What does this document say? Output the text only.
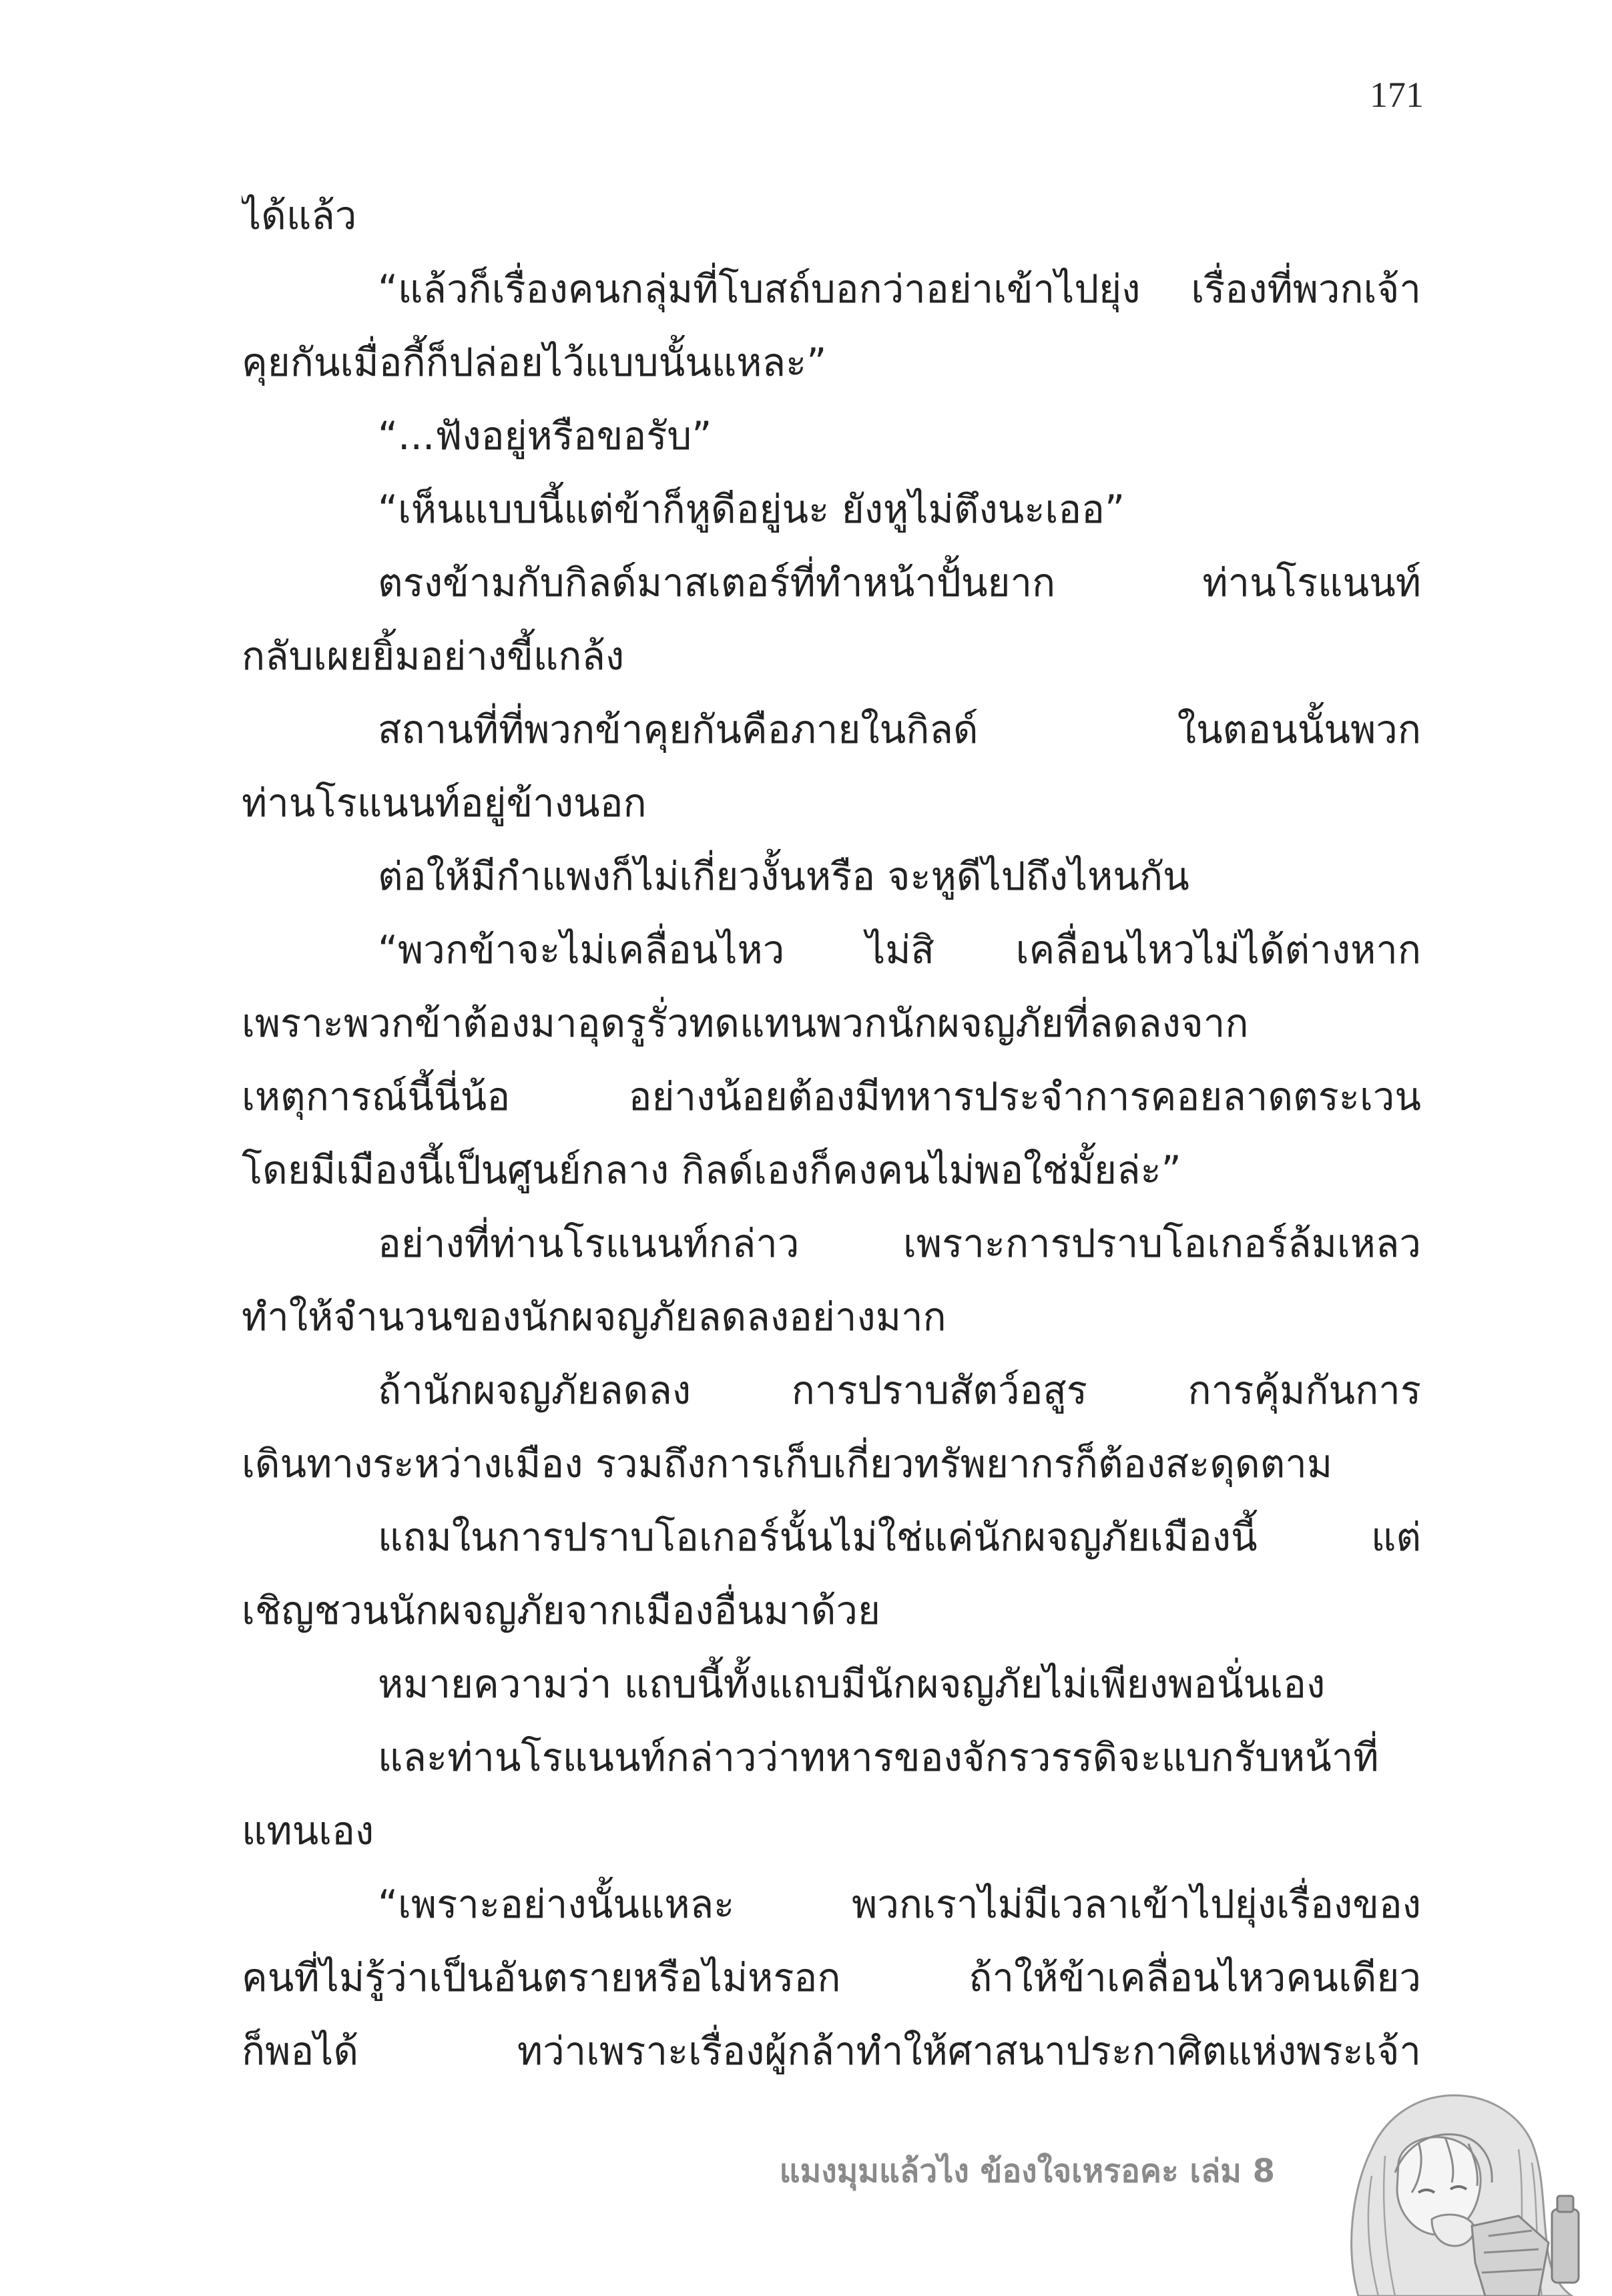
171
ได้แล้ว
“แล้วก็เรื่องคนกลุ่มที่โบสถ์บอกว่าอย่าเข้าไปยุ่ง เรื่องที่พวกเจ้า
คุยกันเมื่อกี้ก็ปล่อยไว้แบบนั้นแหละ”
“...ฟังอยู่หรือขอรับ”
“เห็นแบบนี้แต่ข้าก็หูดีอยู่นะ ยังหูไม่ตึงนะเออ”
ตรงข้ามกับกิลด์มาสเตอร์ที่ทำหน้าปั้นยาก ท่านโรแนนท์
กลับเผยยิ้มอย่างขี้แกล้ง
สถานที่ที่พวกข้าคุยกันคือภายในกิลด์ ในตอนนั้นพวก
ท่านโรแนนท์อยู่ข้างนอก
ต่อให้มีกำแพงก็ไม่เกี่ยวงั้นหรือ จะหูดีไปถึงไหนกัน
“พวกข้าจะไม่เคลื่อนไหว ไม่สิ เคลื่อนไหวไม่ได้ต่างหาก
เพราะพวกข้าต้องมาอุดรูรั่วทดแทนพวกนักผจญภัยที่ลดลงจาก
เหตุการณ์นี้นี่น้อ อย่างน้อยต้องมีทหารประจำการคอยลาดตระเวน
โดยมีเมืองนี้เป็นศูนย์กลาง กิลด์เองก็คงคนไม่พอใช่มั้ยล่ะ”
อย่างที่ท่านโรแนนท์กล่าว เพราะการปราบโอเกอร์ล้มเหลว
ทำให้จำนวนของนักผจญภัยลดลงอย่างมาก
ถ้านักผจญภัยลดลง การปราบสัตว์อสูร การคุ้มกันการ
เดินทางระหว่างเมือง รวมถึงการเก็บเกี่ยวทรัพยากรก็ต้องสะดุดตาม
แถมในการปราบโอเกอร์นั้นไม่ใช่แค่นักผจญภัยเมืองนี้ แต่
เชิญชวนนักผจญภัยจากเมืองอื่นมาด้วย
หมายความว่า แถบนี้ทั้งแถบมีนักผจญภัยไม่เพียงพอนั่นเอง
และท่านโรแนนท์กล่าวว่าทหารของจักรวรรดิจะแบกรับหน้าที่
แทนเอง
“เพราะอย่างนั้นแหละ พวกเราไม่มีเวลาเข้าไปยุ่งเรื่องของ
คนที่ไม่รู้ว่าเป็นอันตรายหรือไม่หรอก ถ้าให้ข้าเคลื่อนไหวคนเดียว
ก็พอได้ ทว่าเพราะเรื่องผู้กล้าทำให้ศาสนาประกาศิตแห่งพระเจ้า
แมงมุมแล้วไง ข้องใจเหรอคะ เล่ม 8
